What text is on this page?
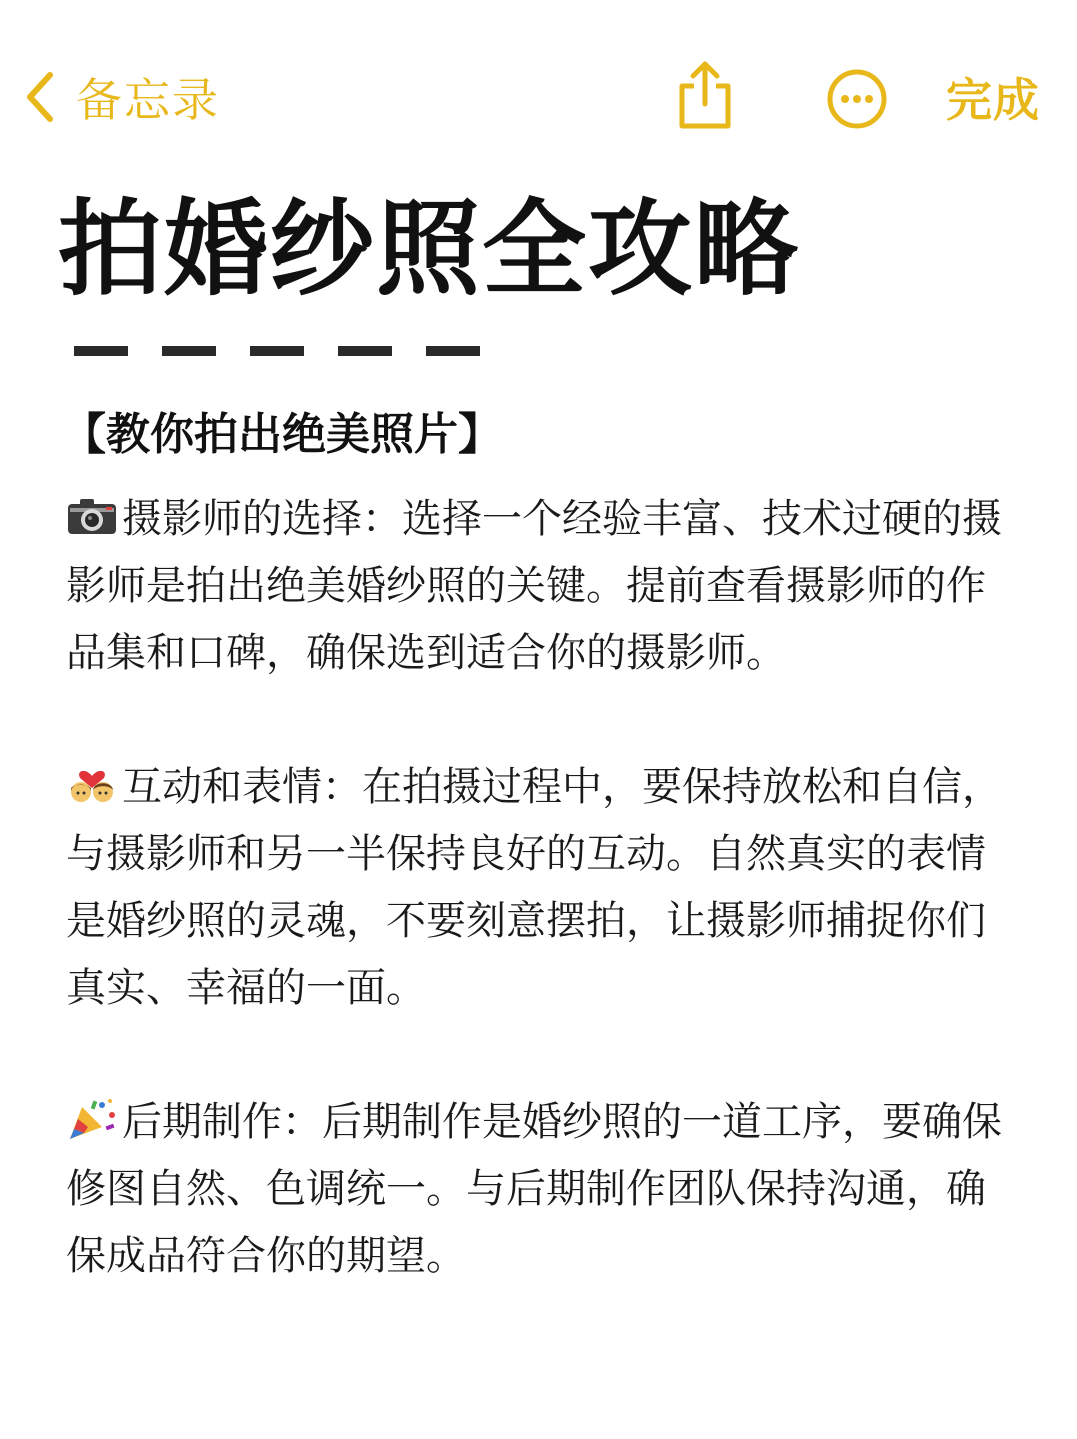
备忘录	完成
拍婚纱照全攻略
【教你拍出绝美照片】

摄影师的选择：选择一个经验丰富、技术过硬的摄影师是拍出绝美婚纱照的关键。提前查看摄影师的作品集和口碑，确保选到适合你的摄影师。

互动和表情：在拍摄过程中，要保持放松和自信，与摄影师和另一半保持良好的互动。自然真实的表情是婚纱照的灵魂，不要刻意摆拍，让摄影师捕捉你们真实、幸福的一面。

后期制作：后期制作是婚纱照的一道工序，要确保修图自然、色调统一。与后期制作团队保持沟通，确保成品符合你的期望。
